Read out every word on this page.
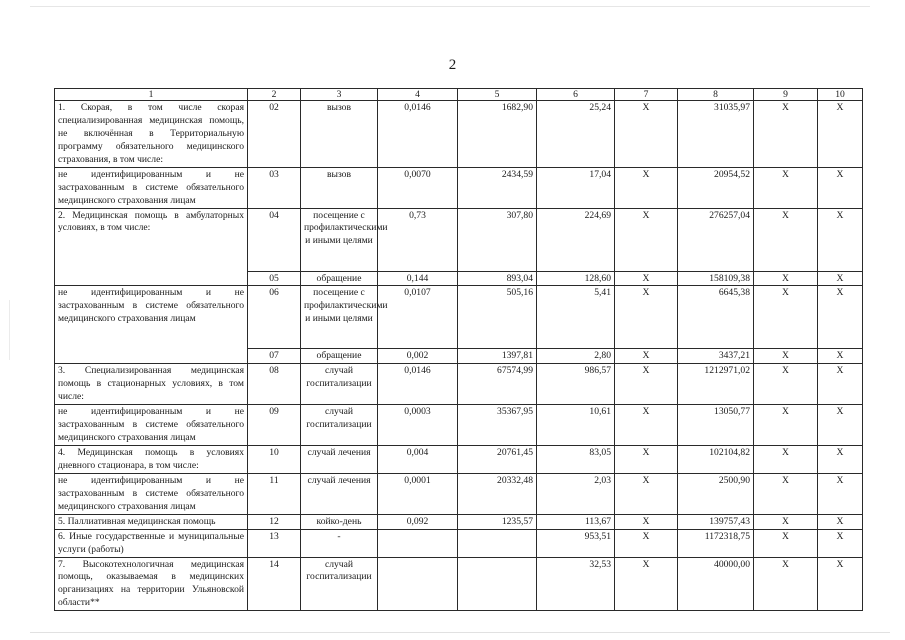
2
1	2	3	4	5	6	7	8	9	10
1. Скорая, в том числе скорая специализированная медицинская помощь, не включённая в Территориальную программу обязательного медицинского страхования, в том числе:	02	вызов	0,0146	1682,90	25,24	X	31035,97	X	X
не идентифицированным и не застрахованным в системе обязательного медицинского страхования лицам	03	вызов	0,0070	2434,59	17,04	X	20954,52	X	X
2. Медицинская помощь в амбулаторных условиях, в том числе:	04	посещение с профилактическими и иными целями	0,73	307,80	224,69	X	276257,04	X	X
	05	обращение	0,144	893,04	128,60	X	158109,38	X	X
не идентифицированным и не застрахованным в системе обязательного медицинского страхования лицам	06	посещение с профилактическими и иными целями	0,0107	505,16	5,41	X	6645,38	X	X
	07	обращение	0,002	1397,81	2,80	X	3437,21	X	X
3. Специализированная медицинская помощь в стационарных условиях, в том числе:	08	случай госпитализации	0,0146	67574,99	986,57	X	1212971,02	X	X
не идентифицированным и не застрахованным в системе обязательного медицинского страхования лицам	09	случай госпитализации	0,0003	35367,95	10,61	X	13050,77	X	X
4. Медицинская помощь в условиях дневного стационара, в том числе:	10	случай лечения	0,004	20761,45	83,05	X	102104,82	X	X
не идентифицированным и не застрахованным в системе обязательного медицинского страхования лицам	11	случай лечения	0,0001	20332,48	2,03	X	2500,90	X	X
5. Паллиативная медицинская помощь	12	койко-день	0,092	1235,57	113,67	X	139757,43	X	X
6. Иные государственные и муниципальные услуги (работы)	13	-			953,51	X	1172318,75	X	X
7. Высокотехнологичная медицинская помощь, оказываемая в медицинских организациях на территории Ульяновской области**	14	случай госпитализации			32,53	X	40000,00	X	X
